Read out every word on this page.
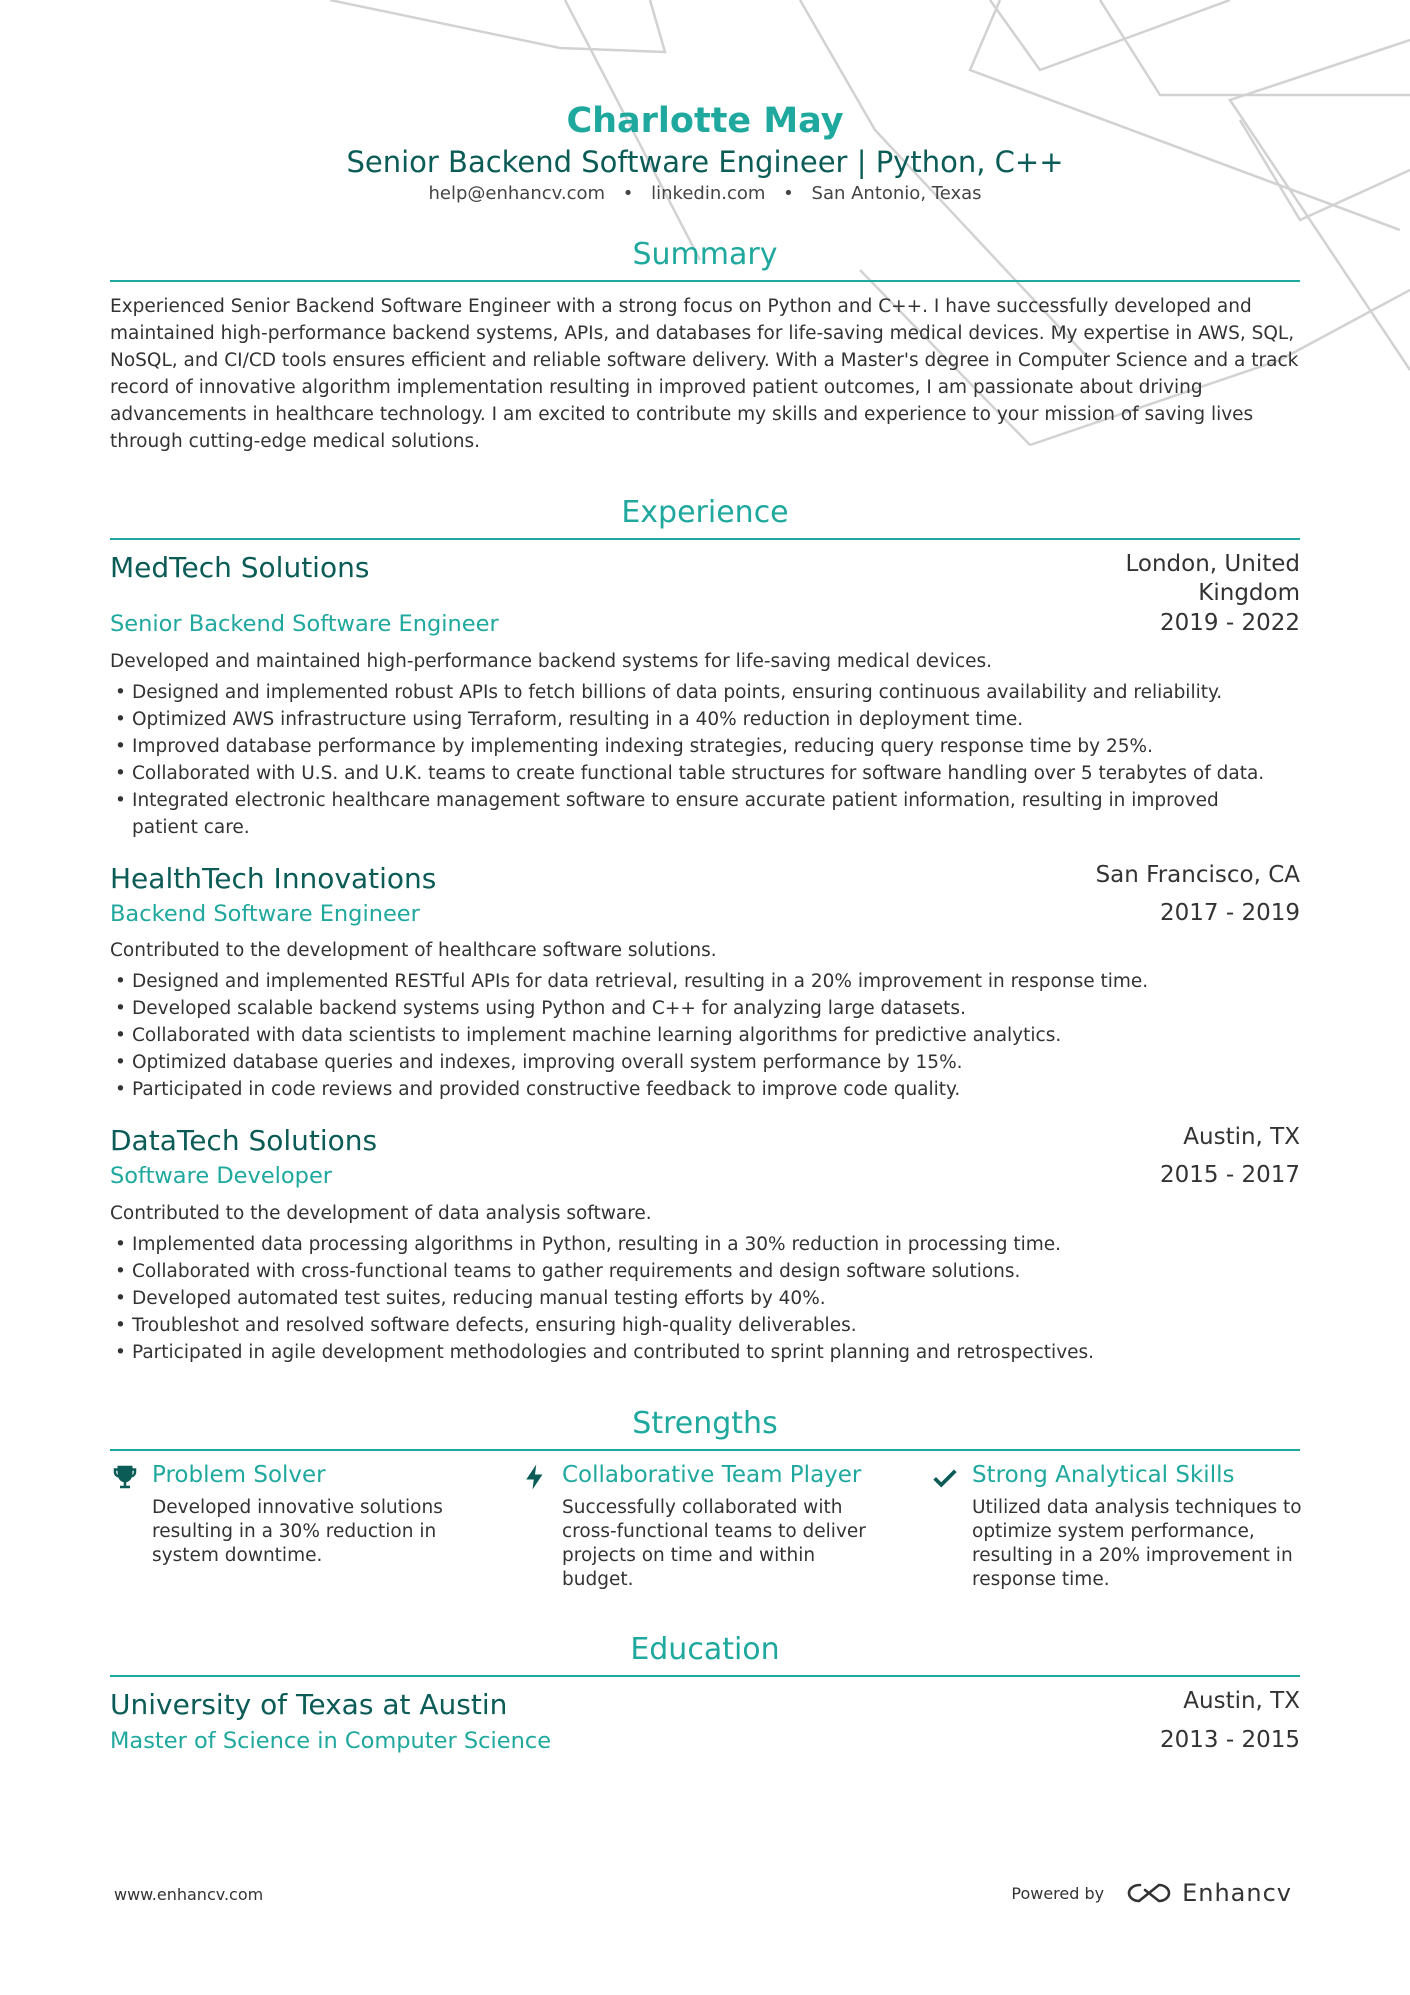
Charlotte May
Senior Backend Software Engineer | Python, C++
help@enhancv.com • linkedin.com • San Antonio, Texas
Summary
Experienced Senior Backend Software Engineer with a strong focus on Python and C++. I have successfully developed and maintained high-performance backend systems, APIs, and databases for life-saving medical devices. My expertise in AWS, SQL, NoSQL, and CI/CD tools ensures efficient and reliable software delivery. With a Master's degree in Computer Science and a track record of innovative algorithm implementation resulting in improved patient outcomes, I am passionate about driving advancements in healthcare technology. I am excited to contribute my skills and experience to your mission of saving lives through cutting-edge medical solutions.
Experience
MedTech Solutions	London, United Kingdom
Senior Backend Software Engineer	2019 - 2022
Developed and maintained high-performance backend systems for life-saving medical devices.
• Designed and implemented robust APIs to fetch billions of data points, ensuring continuous availability and reliability.
• Optimized AWS infrastructure using Terraform, resulting in a 40% reduction in deployment time.
• Improved database performance by implementing indexing strategies, reducing query response time by 25%.
• Collaborated with U.S. and U.K. teams to create functional table structures for software handling over 5 terabytes of data.
• Integrated electronic healthcare management software to ensure accurate patient information, resulting in improved patient care.
HealthTech Innovations	San Francisco, CA
Backend Software Engineer	2017 - 2019
Contributed to the development of healthcare software solutions.
• Designed and implemented RESTful APIs for data retrieval, resulting in a 20% improvement in response time.
• Developed scalable backend systems using Python and C++ for analyzing large datasets.
• Collaborated with data scientists to implement machine learning algorithms for predictive analytics.
• Optimized database queries and indexes, improving overall system performance by 15%.
• Participated in code reviews and provided constructive feedback to improve code quality.
DataTech Solutions	Austin, TX
Software Developer	2015 - 2017
Contributed to the development of data analysis software.
• Implemented data processing algorithms in Python, resulting in a 30% reduction in processing time.
• Collaborated with cross-functional teams to gather requirements and design software solutions.
• Developed automated test suites, reducing manual testing efforts by 40%.
• Troubleshot and resolved software defects, ensuring high-quality deliverables.
• Participated in agile development methodologies and contributed to sprint planning and retrospectives.
Strengths
Problem Solver
Developed innovative solutions resulting in a 30% reduction in system downtime.
Collaborative Team Player
Successfully collaborated with cross-functional teams to deliver projects on time and within budget.
Strong Analytical Skills
Utilized data analysis techniques to optimize system performance, resulting in a 20% improvement in response time.
Education
University of Texas at Austin	Austin, TX
Master of Science in Computer Science	2013 - 2015
www.enhancv.com	Powered by	Enhancv
